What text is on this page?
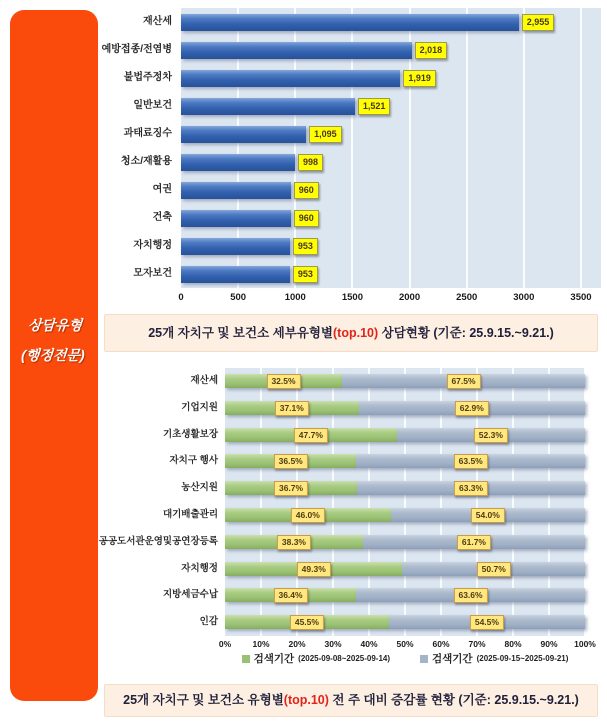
상담유형
(행정전문)
2,955
2,018
1,919
1,521
1,095
998
960
960
953
953
재산세
예방접종/전염병
불법주정차
일반보건
과태료징수
청소/재활용
여권
건축
자치행정
모자보건
0	500	1000	1500	2000	2500	3000	3500
25개 자치구 및 보건소 세부유형별(top.10) 상담현황 (기준: 25.9.15.~9.21.)
32.5%	67.5%
37.1%	62.9%
47.7%	52.3%
36.5%	63.5%
36.7%	63.3%
46.0%	54.0%
38.3%	61.7%
49.3%	50.7%
36.4%	63.6%
45.5%	54.5%
재산세
기업지원
기초생활보장
자치구 행사
농산지원
대기배출관리
공공도서관운영및공연장등록
자치행정
지방세금수납
인감
0%	10% 20% 30% 40% 50% 60% 70% 80% 90% 100%
검색기간 (2025-09-08~2025-09-14)	검색기간 (2025-09-15~2025-09-21)
25개 자치구 및 보건소 유형별(top.10) 전 주 대비 증감률 현황 (기준: 25.9.15.~9.21.)
